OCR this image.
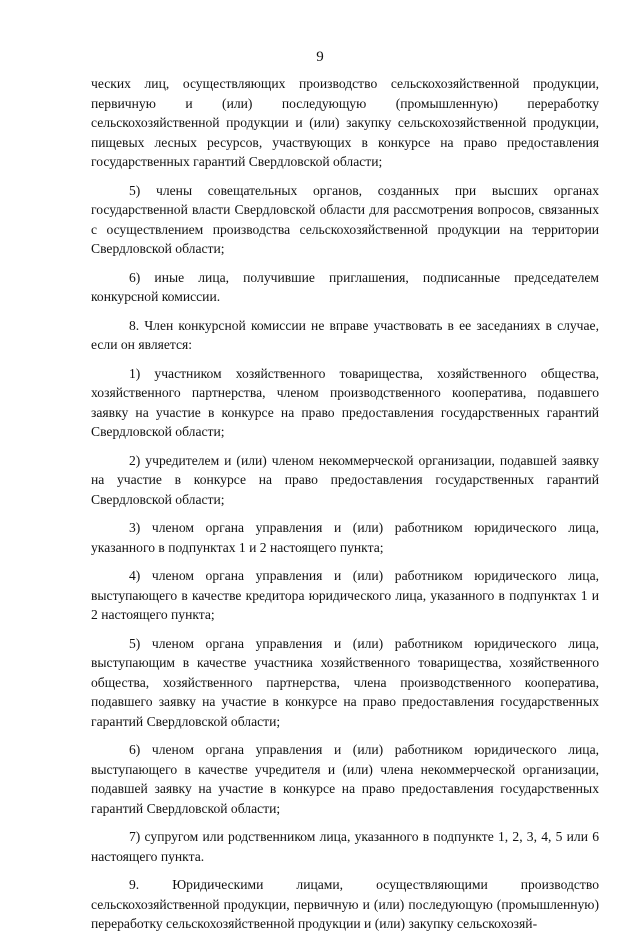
9

ческих лиц, осуществляющих производство сельскохозяйственной продукции, первичную и (или) последующую (промышленную) переработку сельскохозяйственной продукции и (или) закупку сельскохозяйственной продукции, пищевых лесных ресурсов, участвующих в конкурсе на право предоставления государственных гарантий Свердловской области;

5) члены совещательных органов, созданных при высших органах государственной власти Свердловской области для рассмотрения вопросов, связанных с осуществлением производства сельскохозяйственной продукции на территории Свердловской области;

6) иные лица, получившие приглашения, подписанные председателем конкурсной комиссии.

8. Член конкурсной комиссии не вправе участвовать в ее заседаниях в случае, если он является:

1) участником хозяйственного товарищества, хозяйственного общества, хозяйственного партнерства, членом производственного кооператива, подавшего заявку на участие в конкурсе на право предоставления государственных гарантий Свердловской области;

2) учредителем и (или) членом некоммерческой организации, подавшей заявку на участие в конкурсе на право предоставления государственных гарантий Свердловской области;

3) членом органа управления и (или) работником юридического лица, указанного в подпунктах 1 и 2 настоящего пункта;

4) членом органа управления и (или) работником юридического лица, выступающего в качестве кредитора юридического лица, указанного в подпунктах 1 и 2 настоящего пункта;

5) членом органа управления и (или) работником юридического лица, выступающим в качестве участника хозяйственного товарищества, хозяйственного общества, хозяйственного партнерства, члена производственного кооператива, подавшего заявку на участие в конкурсе на право предоставления государственных гарантий Свердловской области;

6) членом органа управления и (или) работником юридического лица, выступающего в качестве учредителя и (или) члена некоммерческой организации, подавшей заявку на участие в конкурсе на право предоставления государственных гарантий Свердловской области;

7) супругом или родственником лица, указанного в подпункте 1, 2, 3, 4, 5 или 6 настоящего пункта.

9. Юридическими лицами, осуществляющими производство сельскохозяйственной продукции, первичную и (или) последующую (промышленную) переработку сельскохозяйственной продукции и (или) закупку сельскохозяй-
